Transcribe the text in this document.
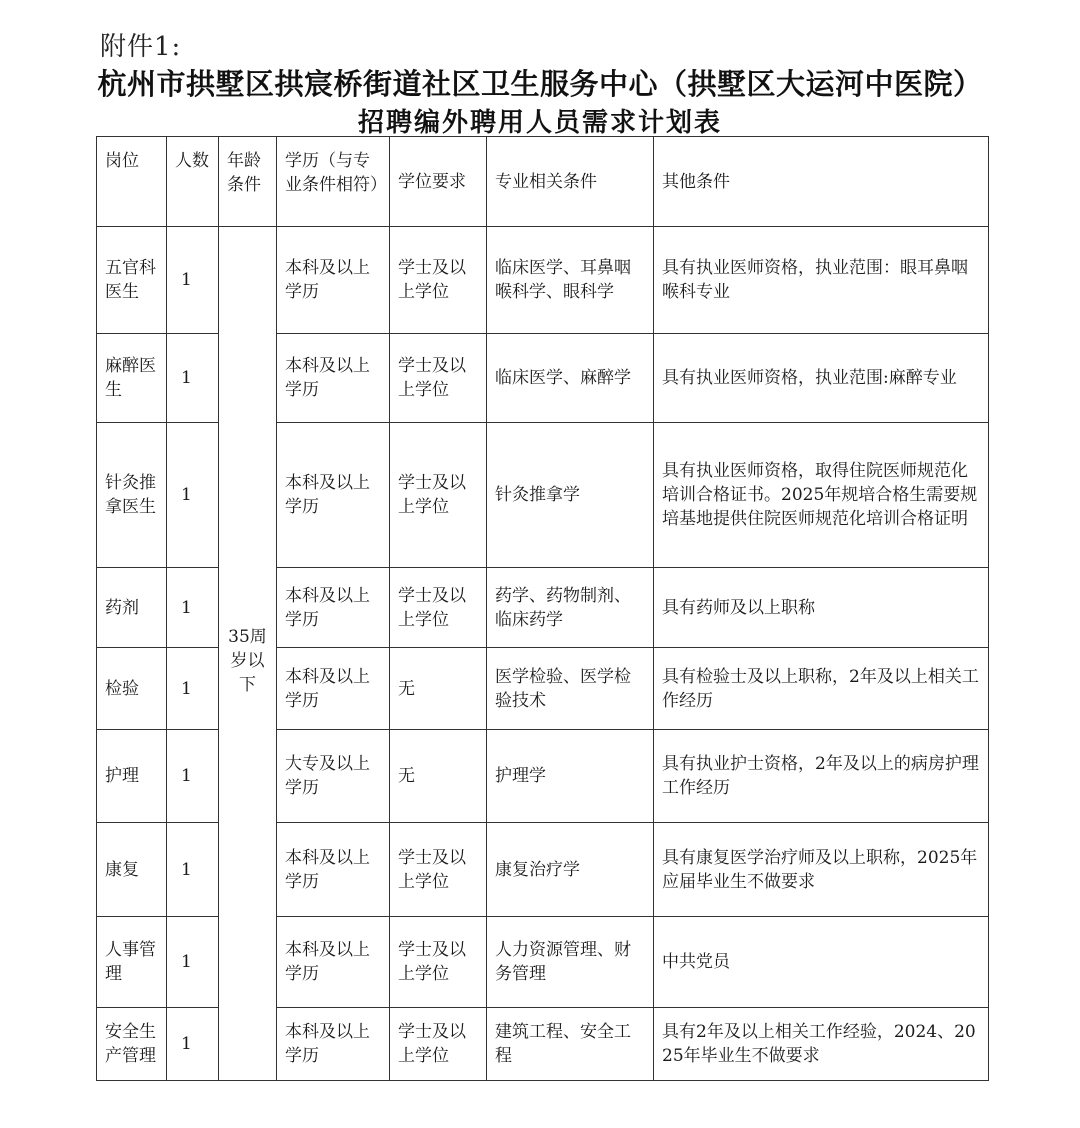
附件1:
杭州市拱墅区拱宸桥街道社区卫生服务中心（拱墅区大运河中医院）
招聘编外聘用人员需求计划表
岗位	人数	年龄条件	学历（与专业条件相符）	学位要求	专业相关条件	其他条件
五官科医生	1	35周岁以下	本科及以上学历	学士及以上学位	临床医学、耳鼻咽喉科学、眼科学	具有执业医师资格，执业范围：眼耳鼻咽喉科专业
麻醉医生	1		本科及以上学历	学士及以上学位	临床医学、麻醉学	具有执业医师资格，执业范围:麻醉专业
针灸推拿医生	1		本科及以上学历	学士及以上学位	针灸推拿学	具有执业医师资格，取得住院医师规范化培训合格证书。2025年规培合格生需要规培基地提供住院医师规范化培训合格证明
药剂	1		本科及以上学历	学士及以上学位	药学、药物制剂、临床药学	具有药师及以上职称
检验	1		本科及以上学历	无	医学检验、医学检验技术	具有检验士及以上职称，2年及以上相关工作经历
护理	1		大专及以上学历	无	护理学	具有执业护士资格，2年及以上的病房护理工作经历
康复	1		本科及以上学历	学士及以上学位	康复治疗学	具有康复医学治疗师及以上职称，2025年应届毕业生不做要求
人事管理	1		本科及以上学历	学士及以上学位	人力资源管理、财务管理	中共党员
安全生产管理	1		本科及以上学历	学士及以上学位	建筑工程、安全工程	具有2年及以上相关工作经验，2024、2025年毕业生不做要求
